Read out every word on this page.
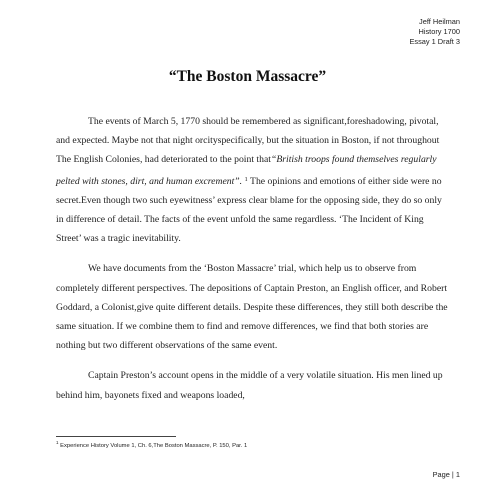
Jeff Heilman
History 1700
Essay 1 Draft 3
“The Boston Massacre”

The events of March 5, 1770 should be remembered as significant,foreshadowing, pivotal, and expected. Maybe not that night orcityspecifically, but the situation in Boston, if not throughout The English Colonies, had deteriorated to the point that“British troops found themselves regularly pelted with stones, dirt, and human excrement”. $^1$ The opinions and emotions of either side were no secret.Even though two such eyewitness’ express clear blame for the opposing side, they do so only in difference of detail. The facts of the event unfold the same regardless. ‘The Incident of King Street’ was a tragic inevitability.

We have documents from the ‘Boston Massacre’ trial, which help us to observe from completely different perspectives. The depositions of Captain Preston, an English officer, and Robert Goddard, a Colonist,give quite different details. Despite these differences, they still both describe the same situation. If we combine them to find and remove differences, we find that both stories are nothing but two different observations of the same event.

Captain Preston’s account opens in the middle of a very volatile situation. His men lined up behind him, bayonets fixed and weapons loaded,

$^1$ Experience History Volume 1, Ch. 6,The Boston Massacre, P. 150, Par. 1
Page | 1
